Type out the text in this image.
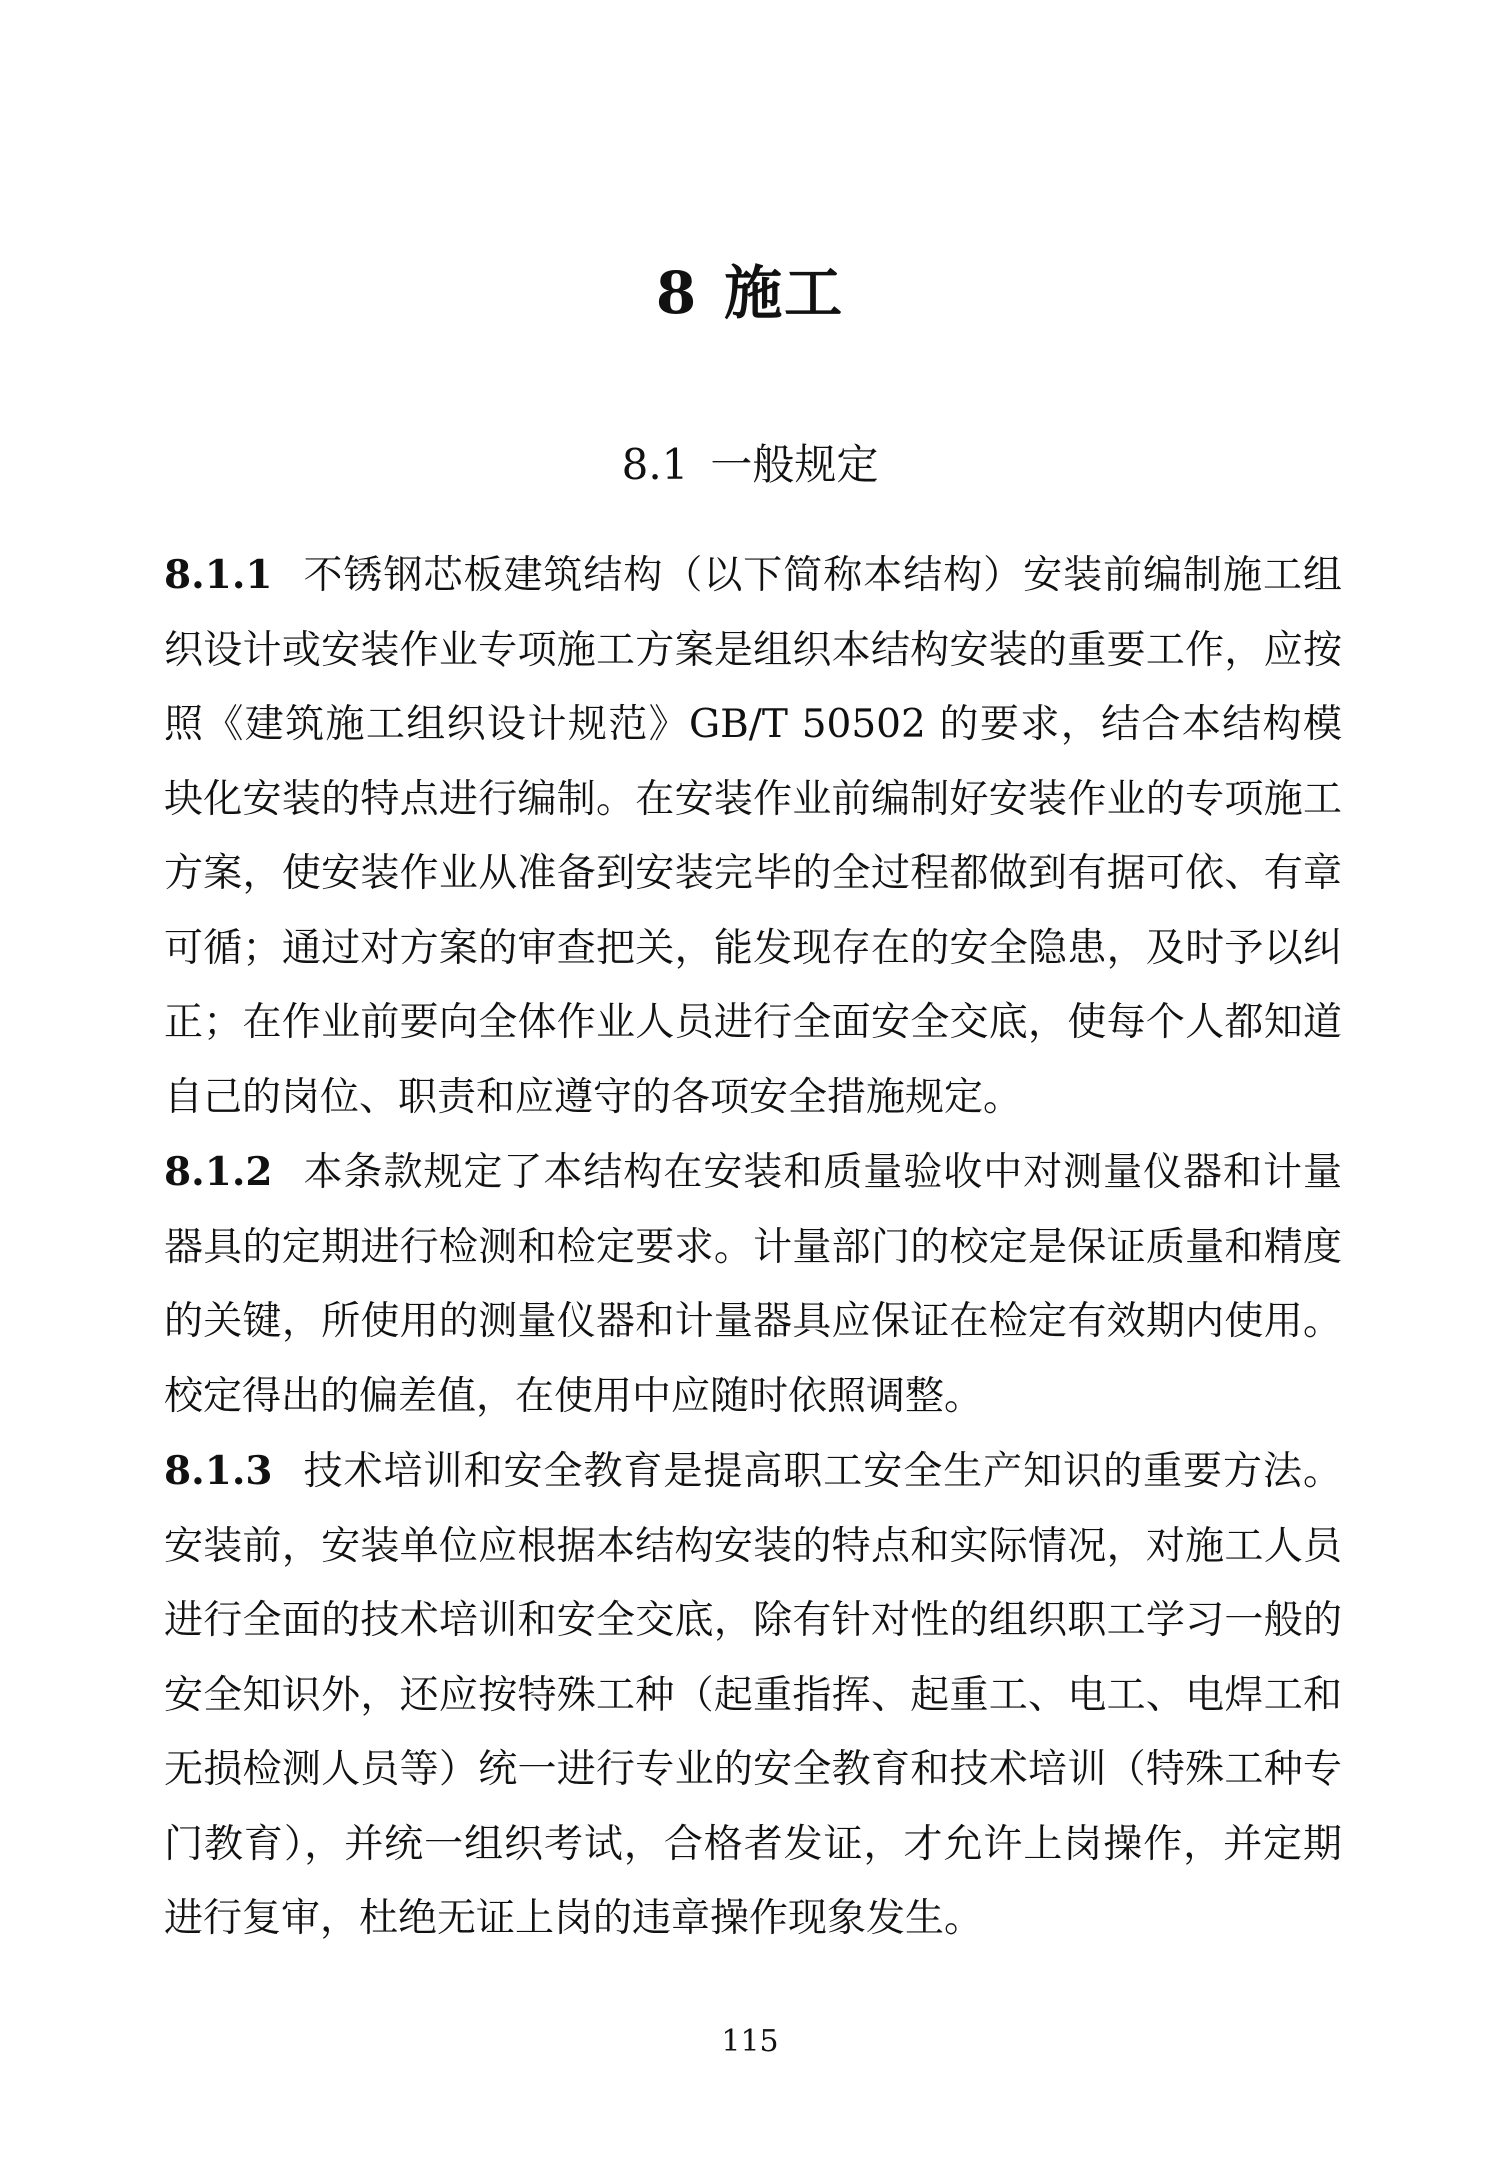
8 施工
8.1 一般规定

8.1.1 不锈钢芯板建筑结构（以下简称本结构）安装前编制施工组织设计或安装作业专项施工方案是组织本结构安装的重要工作，应按照《建筑施工组织设计规范》GB/T 50502 的要求，结合本结构模块化安装的特点进行编制。在安装作业前编制好安装作业的专项施工方案，使安装作业从准备到安装完毕的全过程都做到有据可依、有章可循；通过对方案的审查把关，能发现存在的安全隐患，及时予以纠正；在作业前要向全体作业人员进行全面安全交底，使每个人都知道自己的岗位、职责和应遵守的各项安全措施规定。

8.1.2 本条款规定了本结构在安装和质量验收中对测量仪器和计量器具的定期进行检测和检定要求。计量部门的校定是保证质量和精度的关键，所使用的测量仪器和计量器具应保证在检定有效期内使用。校定得出的偏差值，在使用中应随时依照调整。

8.1.3 技术培训和安全教育是提高职工安全生产知识的重要方法。安装前，安装单位应根据本结构安装的特点和实际情况，对施工人员进行全面的技术培训和安全交底，除有针对性的组织职工学习一般的安全知识外，还应按特殊工种（起重指挥、起重工、电工、电焊工和无损检测人员等）统一进行专业的安全教育和技术培训（特殊工种专门教育），并统一组织考试，合格者发证，才允许上岗操作，并定期进行复审，杜绝无证上岗的违章操作现象发生。

115
